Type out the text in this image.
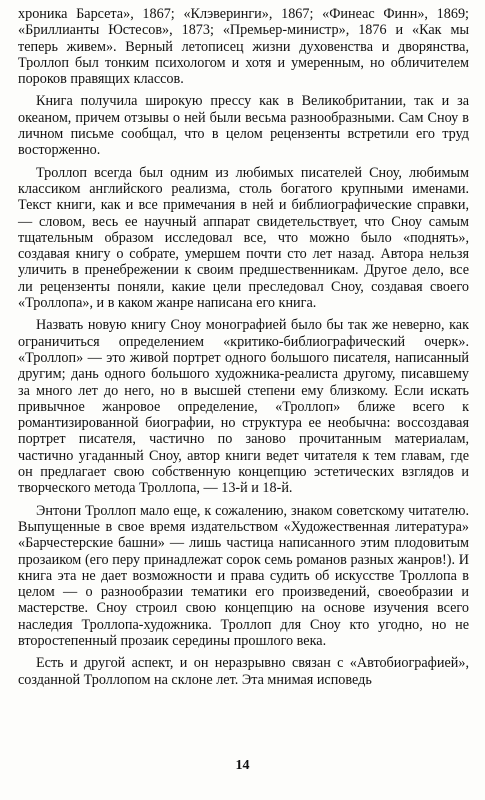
хроника Барсета», 1867; «Клэверинги», 1867; «Финеас Финн», 1869; «Бриллианты Юстесов», 1873; «Премьер-министр», 1876 и «Как мы теперь живем». Верный летописец жизни духовенства и дворянства, Троллоп был тонким психологом и хотя и умеренным, но обличителем пороков правящих классов.

Книга получила широкую прессу как в Великобритании, так и за океаном, причем отзывы о ней были весьма разнообразными. Сам Сноу в личном письме сообщал, что в целом рецензенты встретили его труд восторженно.

Троллоп всегда был одним из любимых писателей Сноу, любимым классиком английского реализма, столь богатого крупными именами. Текст книги, как и все примечания в ней и библиографические справки, — словом, весь ее научный аппарат свидетельствует, что Сноу самым тщательным образом исследовал все, что можно было «поднять», создавая книгу о собрате, умершем почти сто лет назад. Автора нельзя уличить в пренебрежении к своим предшественникам. Другое дело, все ли рецензенты поняли, какие цели преследовал Сноу, создавая своего «Троллопа», и в каком жанре написана его книга.

Назвать новую книгу Сноу монографией было бы так же неверно, как ограничиться определением «критико-библиографический очерк». «Троллоп» — это живой портрет одного большого писателя, написанный другим; дань одного большого художника-реалиста другому, писавшему за много лет до него, но в высшей степени ему близкому. Если искать привычное жанровое определение, «Троллоп» ближе всего к романтизированной биографии, но структура ее необычна: воссоздавая портрет писателя, частично по заново прочитанным материалам, частично угаданный Сноу, автор книги ведет читателя к тем главам, где он предлагает свою собственную концепцию эстетических взглядов и творческого метода Троллопа, — 13-й и 18-й.

Энтони Троллоп мало еще, к сожалению, знаком советскому читателю. Выпущенные в свое время издательством «Художественная литература» «Барчестерские башни» — лишь частица написанного этим плодовитым прозаиком (его перу принадлежат сорок семь романов разных жанров!). И книга эта не дает возможности и права судить об искусстве Троллопа в целом — о разнообразии тематики его произведений, своеобразии и мастерстве. Сноу строил свою концепцию на основе изучения всего наследия Троллопа-художника. Троллоп для Сноу кто угодно, но не второстепенный прозаик середины прошлого века.

Есть и другой аспект, и он неразрывно связан с «Автобиографией», созданной Троллопом на склоне лет. Эта мнимая исповедь

14
